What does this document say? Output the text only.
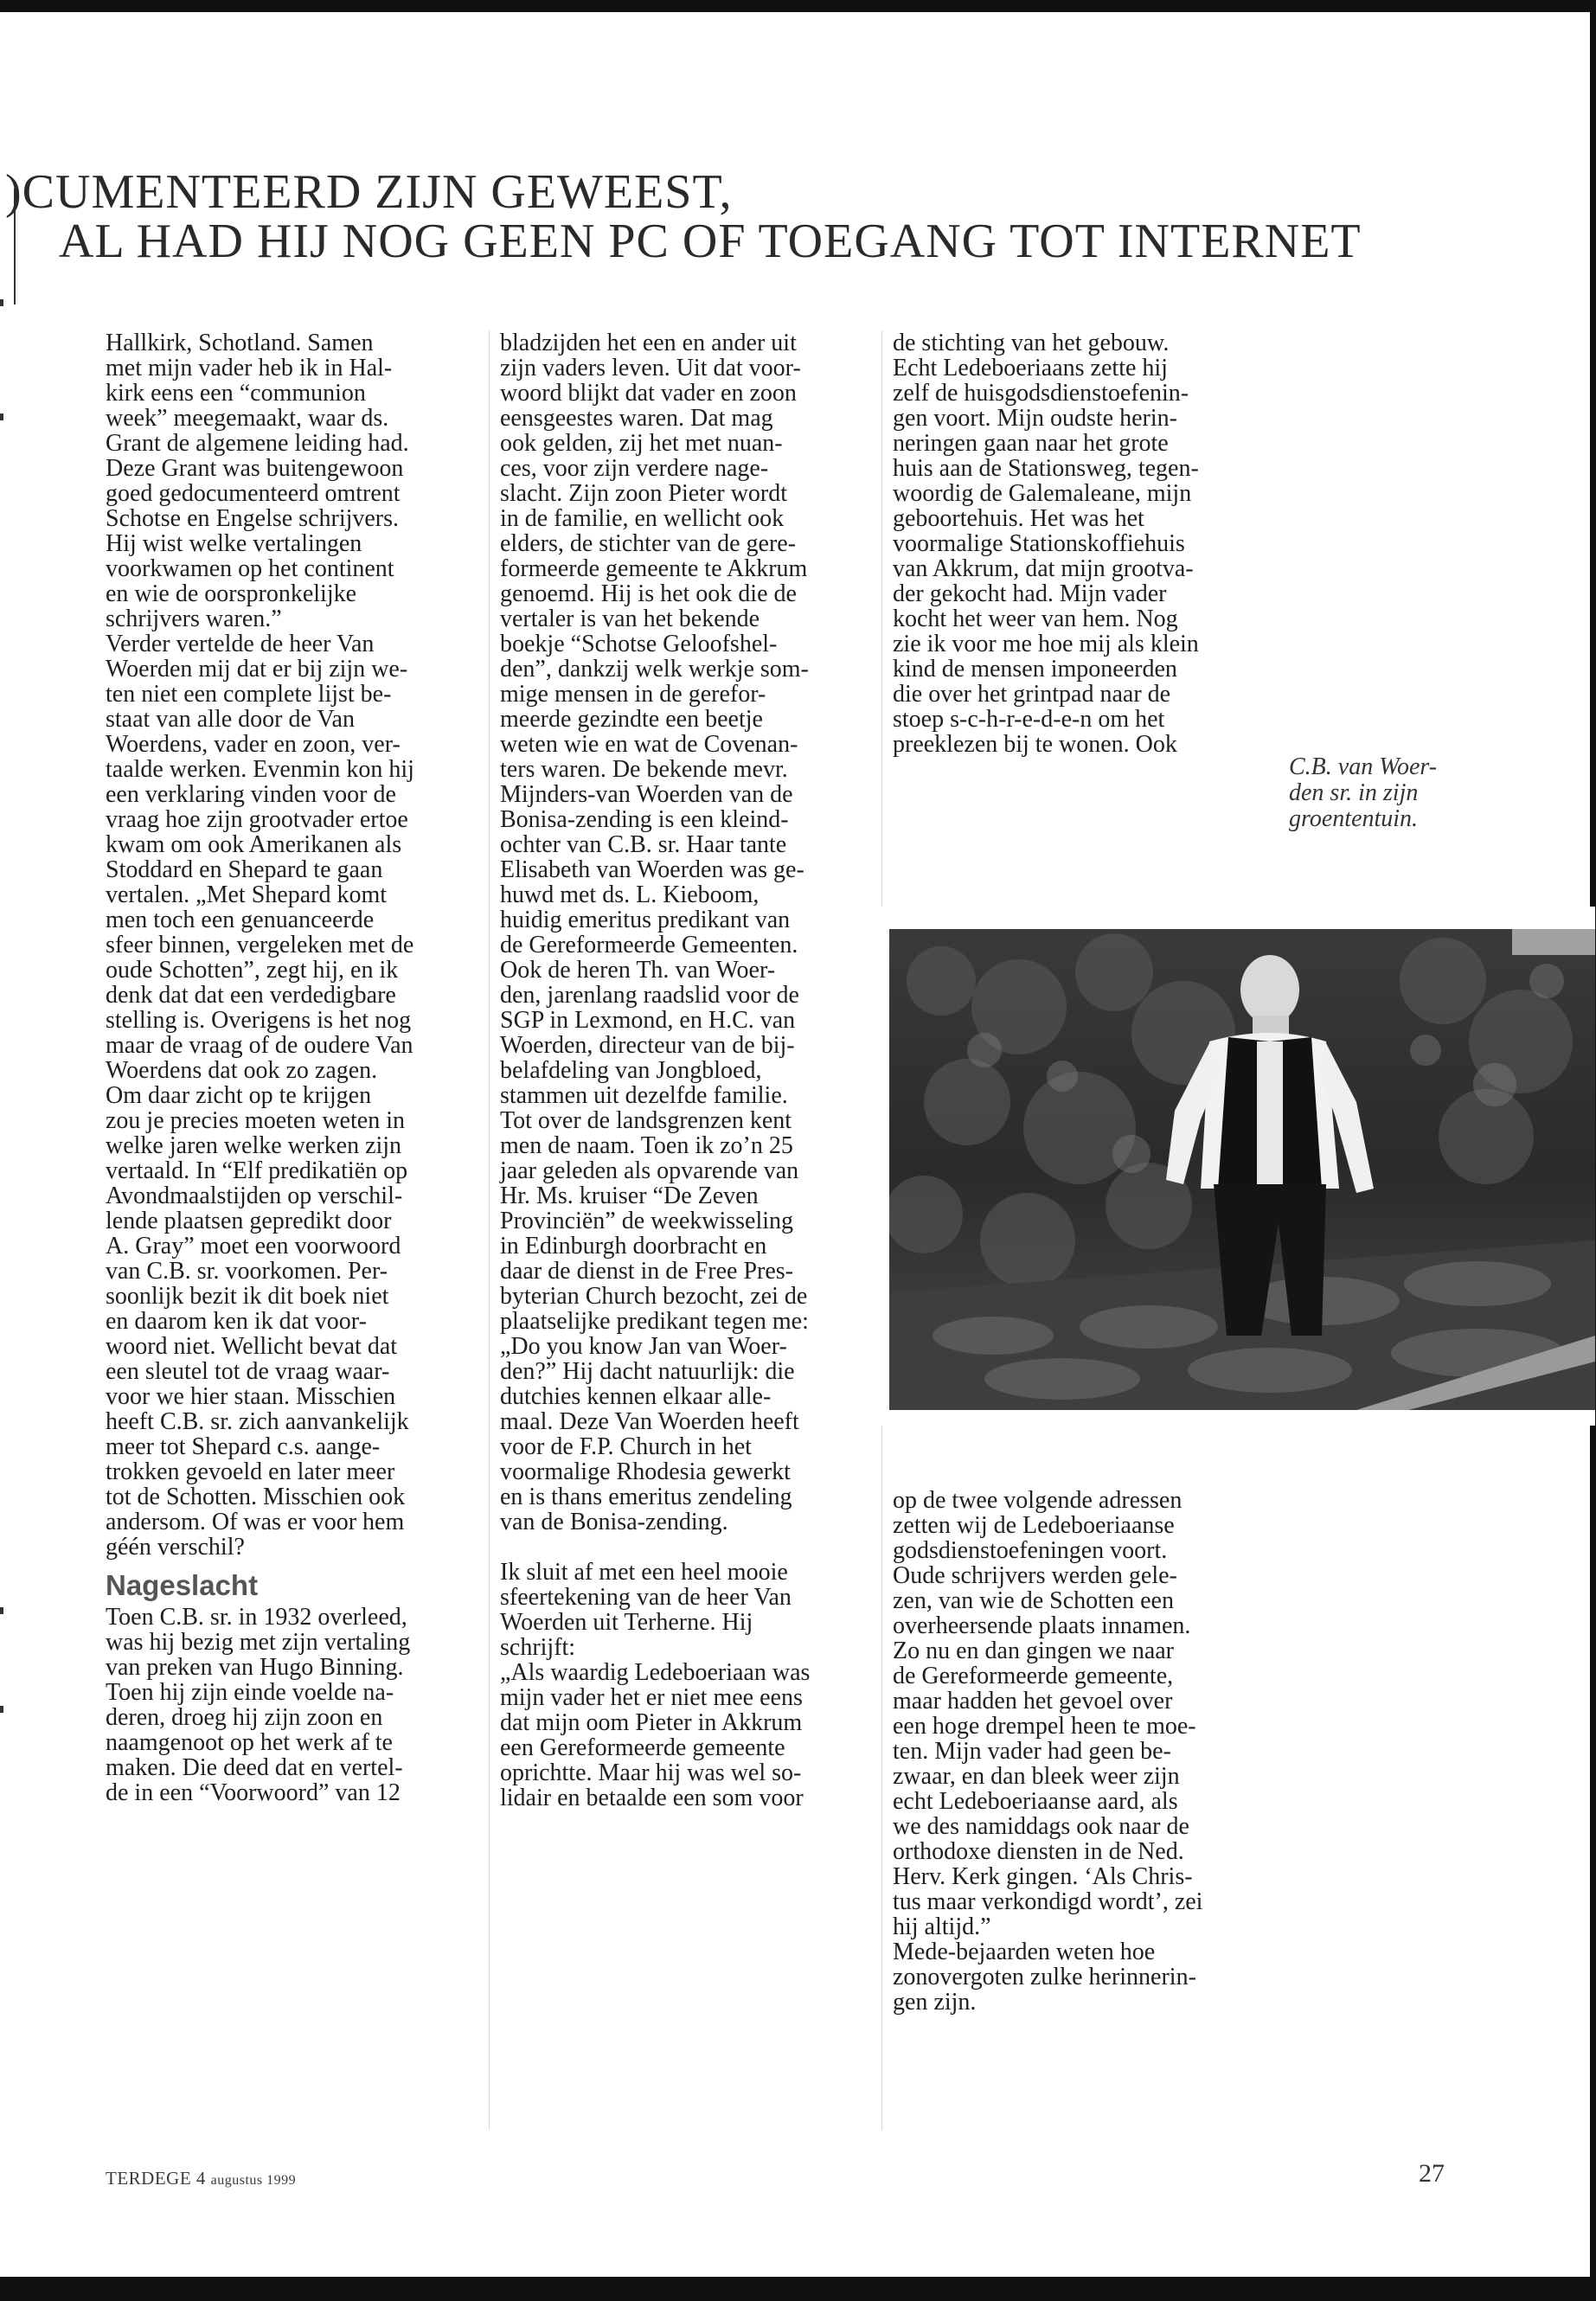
)CUMENTEERD ZIJN GEWEEST,
AL HAD HIJ NOG GEEN PC OF TOEGANG TOT INTERNET

Hallkirk, Schotland. Samen
met mijn vader heb ik in Hal-
kirk eens een “communion
week” meegemaakt, waar ds.
Grant de algemene leiding had.
Deze Grant was buitengewoon
goed gedocumenteerd omtrent
Schotse en Engelse schrijvers.
Hij wist welke vertalingen
voorkwamen op het continent
en wie de oorspronkelijke
schrijvers waren.”
Verder vertelde de heer Van
Woerden mij dat er bij zijn we-
ten niet een complete lijst be-
staat van alle door de Van
Woerdens, vader en zoon, ver-
taalde werken. Evenmin kon hij
een verklaring vinden voor de
vraag hoe zijn grootvader ertoe
kwam om ook Amerikanen als
Stoddard en Shepard te gaan
vertalen. „Met Shepard komt
men toch een genuanceerde
sfeer binnen, vergeleken met de
oude Schotten”, zegt hij, en ik
denk dat dat een verdedigbare
stelling is. Overigens is het nog
maar de vraag of de oudere Van
Woerdens dat ook zo zagen.
Om daar zicht op te krijgen
zou je precies moeten weten in
welke jaren welke werken zijn
vertaald. In “Elf predikatiën op
Avondmaalstijden op verschil-
lende plaatsen gepredikt door
A. Gray” moet een voorwoord
van C.B. sr. voorkomen. Per-
soonlijk bezit ik dit boek niet
en daarom ken ik dat voor-
woord niet. Wellicht bevat dat
een sleutel tot de vraag waar-
voor we hier staan. Misschien
heeft C.B. sr. zich aanvankelijk
meer tot Shepard c.s. aange-
trokken gevoeld en later meer
tot de Schotten. Misschien ook
andersom. Of was er voor hem
géén verschil?

Nageslacht

Toen C.B. sr. in 1932 overleed,
was hij bezig met zijn vertaling
van preken van Hugo Binning.
Toen hij zijn einde voelde na-
deren, droeg hij zijn zoon en
naamgenoot op het werk af te
maken. Die deed dat en vertel-
de in een “Voorwoord” van 12

bladzijden het een en ander uit
zijn vaders leven. Uit dat voor-
woord blijkt dat vader en zoon
eensgeestes waren. Dat mag
ook gelden, zij het met nuan-
ces, voor zijn verdere nage-
slacht. Zijn zoon Pieter wordt
in de familie, en wellicht ook
elders, de stichter van de gere-
formeerde gemeente te Akkrum
genoemd. Hij is het ook die de
vertaler is van het bekende
boekje “Schotse Geloofshel-
den”, dankzij welk werkje som-
mige mensen in de gerefor-
meerde gezindte een beetje
weten wie en wat de Covenan-
ters waren. De bekende mevr.
Mijnders-van Woerden van de
Bonisa-zending is een kleind-
ochter van C.B. sr. Haar tante
Elisabeth van Woerden was ge-
huwd met ds. L. Kieboom,
huidig emeritus predikant van
de Gereformeerde Gemeenten.
Ook de heren Th. van Woer-
den, jarenlang raadslid voor de
SGP in Lexmond, en H.C. van
Woerden, directeur van de bij-
belafdeling van Jongbloed,
stammen uit dezelfde familie.
Tot over de landsgrenzen kent
men de naam. Toen ik zo’n 25
jaar geleden als opvarende van
Hr. Ms. kruiser “De Zeven
Provinciën” de weekwisseling
in Edinburgh doorbracht en
daar de dienst in de Free Pres-
byterian Church bezocht, zei de
plaatselijke predikant tegen me:
„Do you know Jan van Woer-
den?” Hij dacht natuurlijk: die
dutchies kennen elkaar alle-
maal. Deze Van Woerden heeft
voor de F.P. Church in het
voormalige Rhodesia gewerkt
en is thans emeritus zendeling
van de Bonisa-zending.

Ik sluit af met een heel mooie
sfeertekening van de heer Van
Woerden uit Terherne. Hij
schrijft:
„Als waardig Ledeboeriaan was
mijn vader het er niet mee eens
dat mijn oom Pieter in Akkrum
een Gereformeerde gemeente
oprichtte. Maar hij was wel so-
lidair en betaalde een som voor

de stichting van het gebouw.
Echt Ledeboeriaans zette hij
zelf de huisgodsdienstoefenin-
gen voort. Mijn oudste herin-
neringen gaan naar het grote
huis aan de Stationsweg, tegen-
woordig de Galemaleane, mijn
geboortehuis. Het was het
voormalige Stationskoffiehuis
van Akkrum, dat mijn grootva-
der gekocht had. Mijn vader
kocht het weer van hem. Nog
zie ik voor me hoe mij als klein
kind de mensen imponeerden
die over het grintpad naar de
stoep s-c-h-r-e-d-e-n om het
preeklezen bij te wonen. Ook

C.B. van Woer-
den sr. in zijn
groententuin.

op de twee volgende adressen
zetten wij de Ledeboeriaanse
godsdienstoefeningen voort.
Oude schrijvers werden gele-
zen, van wie de Schotten een
overheersende plaats innamen.
Zo nu en dan gingen we naar
de Gereformeerde gemeente,
maar hadden het gevoel over
een hoge drempel heen te moe-
ten. Mijn vader had geen be-
zwaar, en dan bleek weer zijn
echt Ledeboeriaanse aard, als
we des namiddags ook naar de
orthodoxe diensten in de Ned.
Herv. Kerk gingen. ‘Als Chris-
tus maar verkondigd wordt’, zei
hij altijd.”
Mede-bejaarden weten hoe
zonovergoten zulke herinnerin-
gen zijn.

TERDEGE 4 augustus 1999	27
